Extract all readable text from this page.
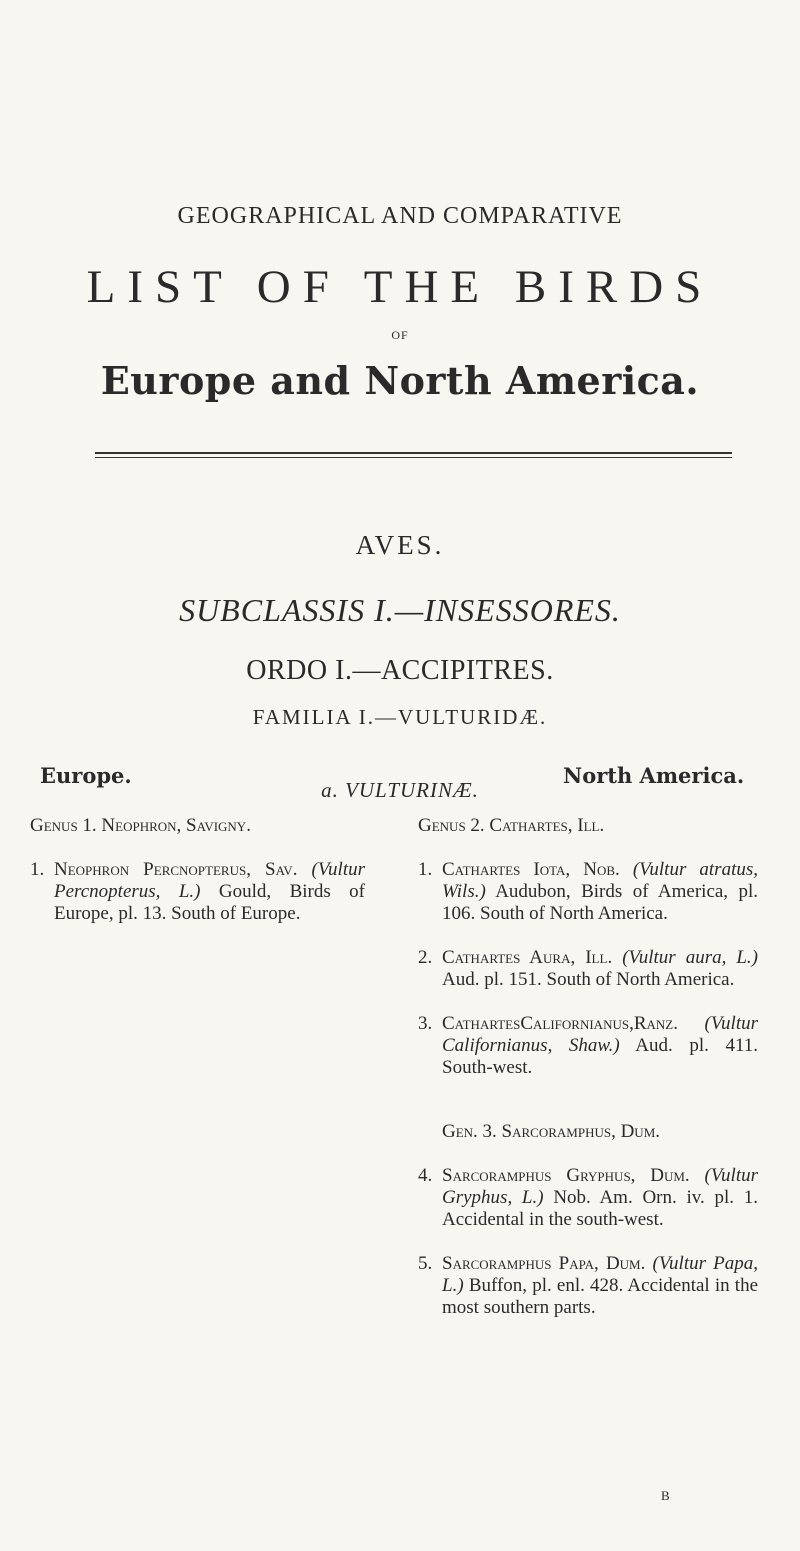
GEOGRAPHICAL AND COMPARATIVE
LIST OF THE BIRDS
OF
Europe and North America.
AVES.
SUBCLASSIS I.—INSESSORES.
ORDO I.—ACCIPITRES.
FAMILIA I.—VULTURIDÆ.
Europe.	North America.
a. VULTURINÆ.
Genus 1. Neophron, Savigny.
1. Neophron Percnopterus, Sav. (Vultur Percnopterus, L.) Gould, Birds of Europe, pl. 13. South of Europe.
Genus 2. Cathartes, Ill.
1. Cathartes Iota, Nob. (Vultur atratus, Wils.) Audubon, Birds of America, pl. 106. South of North America.
2. Cathartes Aura, Ill. (Vultur aura, L.) Aud. pl. 151. South of North America.
3. CathartesCalifornianus,Ranz. (Vultur Californianus, Shaw.) Aud. pl. 411. South-west.
Gen. 3. Sarcoramphus, Dum.
4. Sarcoramphus Gryphus, Dum. (Vultur Gryphus, L.) Nob. Am. Orn. iv. pl. 1. Accidental in the south-west.
5. Sarcoramphus Papa, Dum. (Vultur Papa, L.) Buffon, pl. enl. 428. Accidental in the most southern parts.
B
